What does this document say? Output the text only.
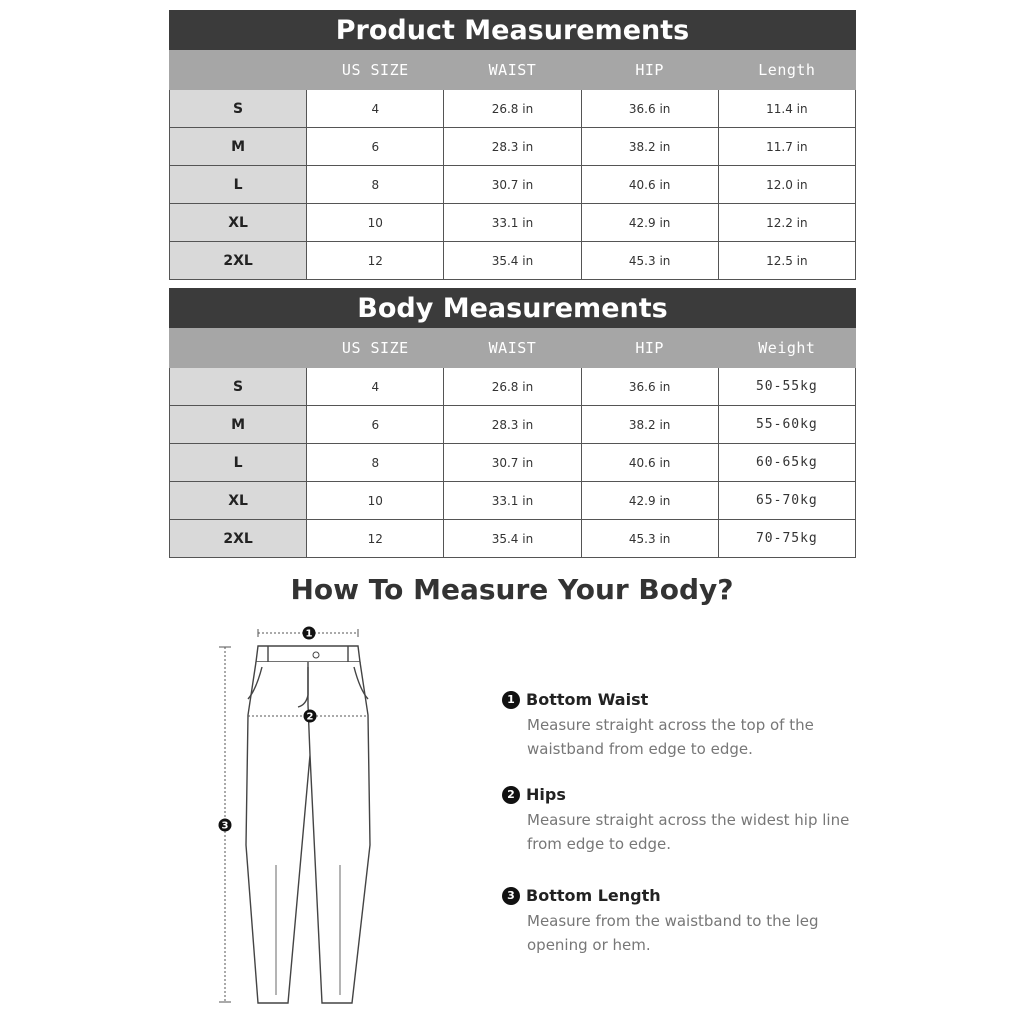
Product Measurements
	US SIZE	WAIST	HIP	Length
S	4	26.8 in	36.6 in	11.4 in
M	6	28.3 in	38.2 in	11.7 in
L	8	30.7 in	40.6 in	12.0 in
XL	10	33.1 in	42.9 in	12.2 in
2XL	12	35.4 in	45.3 in	12.5 in
Body Measurements
	US SIZE	WAIST	HIP	Weight
S	4	26.8 in	36.6 in	50-55kg
M	6	28.3 in	38.2 in	55-60kg
L	8	30.7 in	40.6 in	60-65kg
XL	10	33.1 in	42.9 in	65-70kg
2XL	12	35.4 in	45.3 in	70-75kg
How To Measure Your Body?
1
2
3
1 Bottom Waist
Measure straight across the top of the waistband from edge to edge.
2 Hips
Measure straight across the widest hip line from edge to edge.
3 Bottom Length
Measure from the waistband to the leg opening or hem.
